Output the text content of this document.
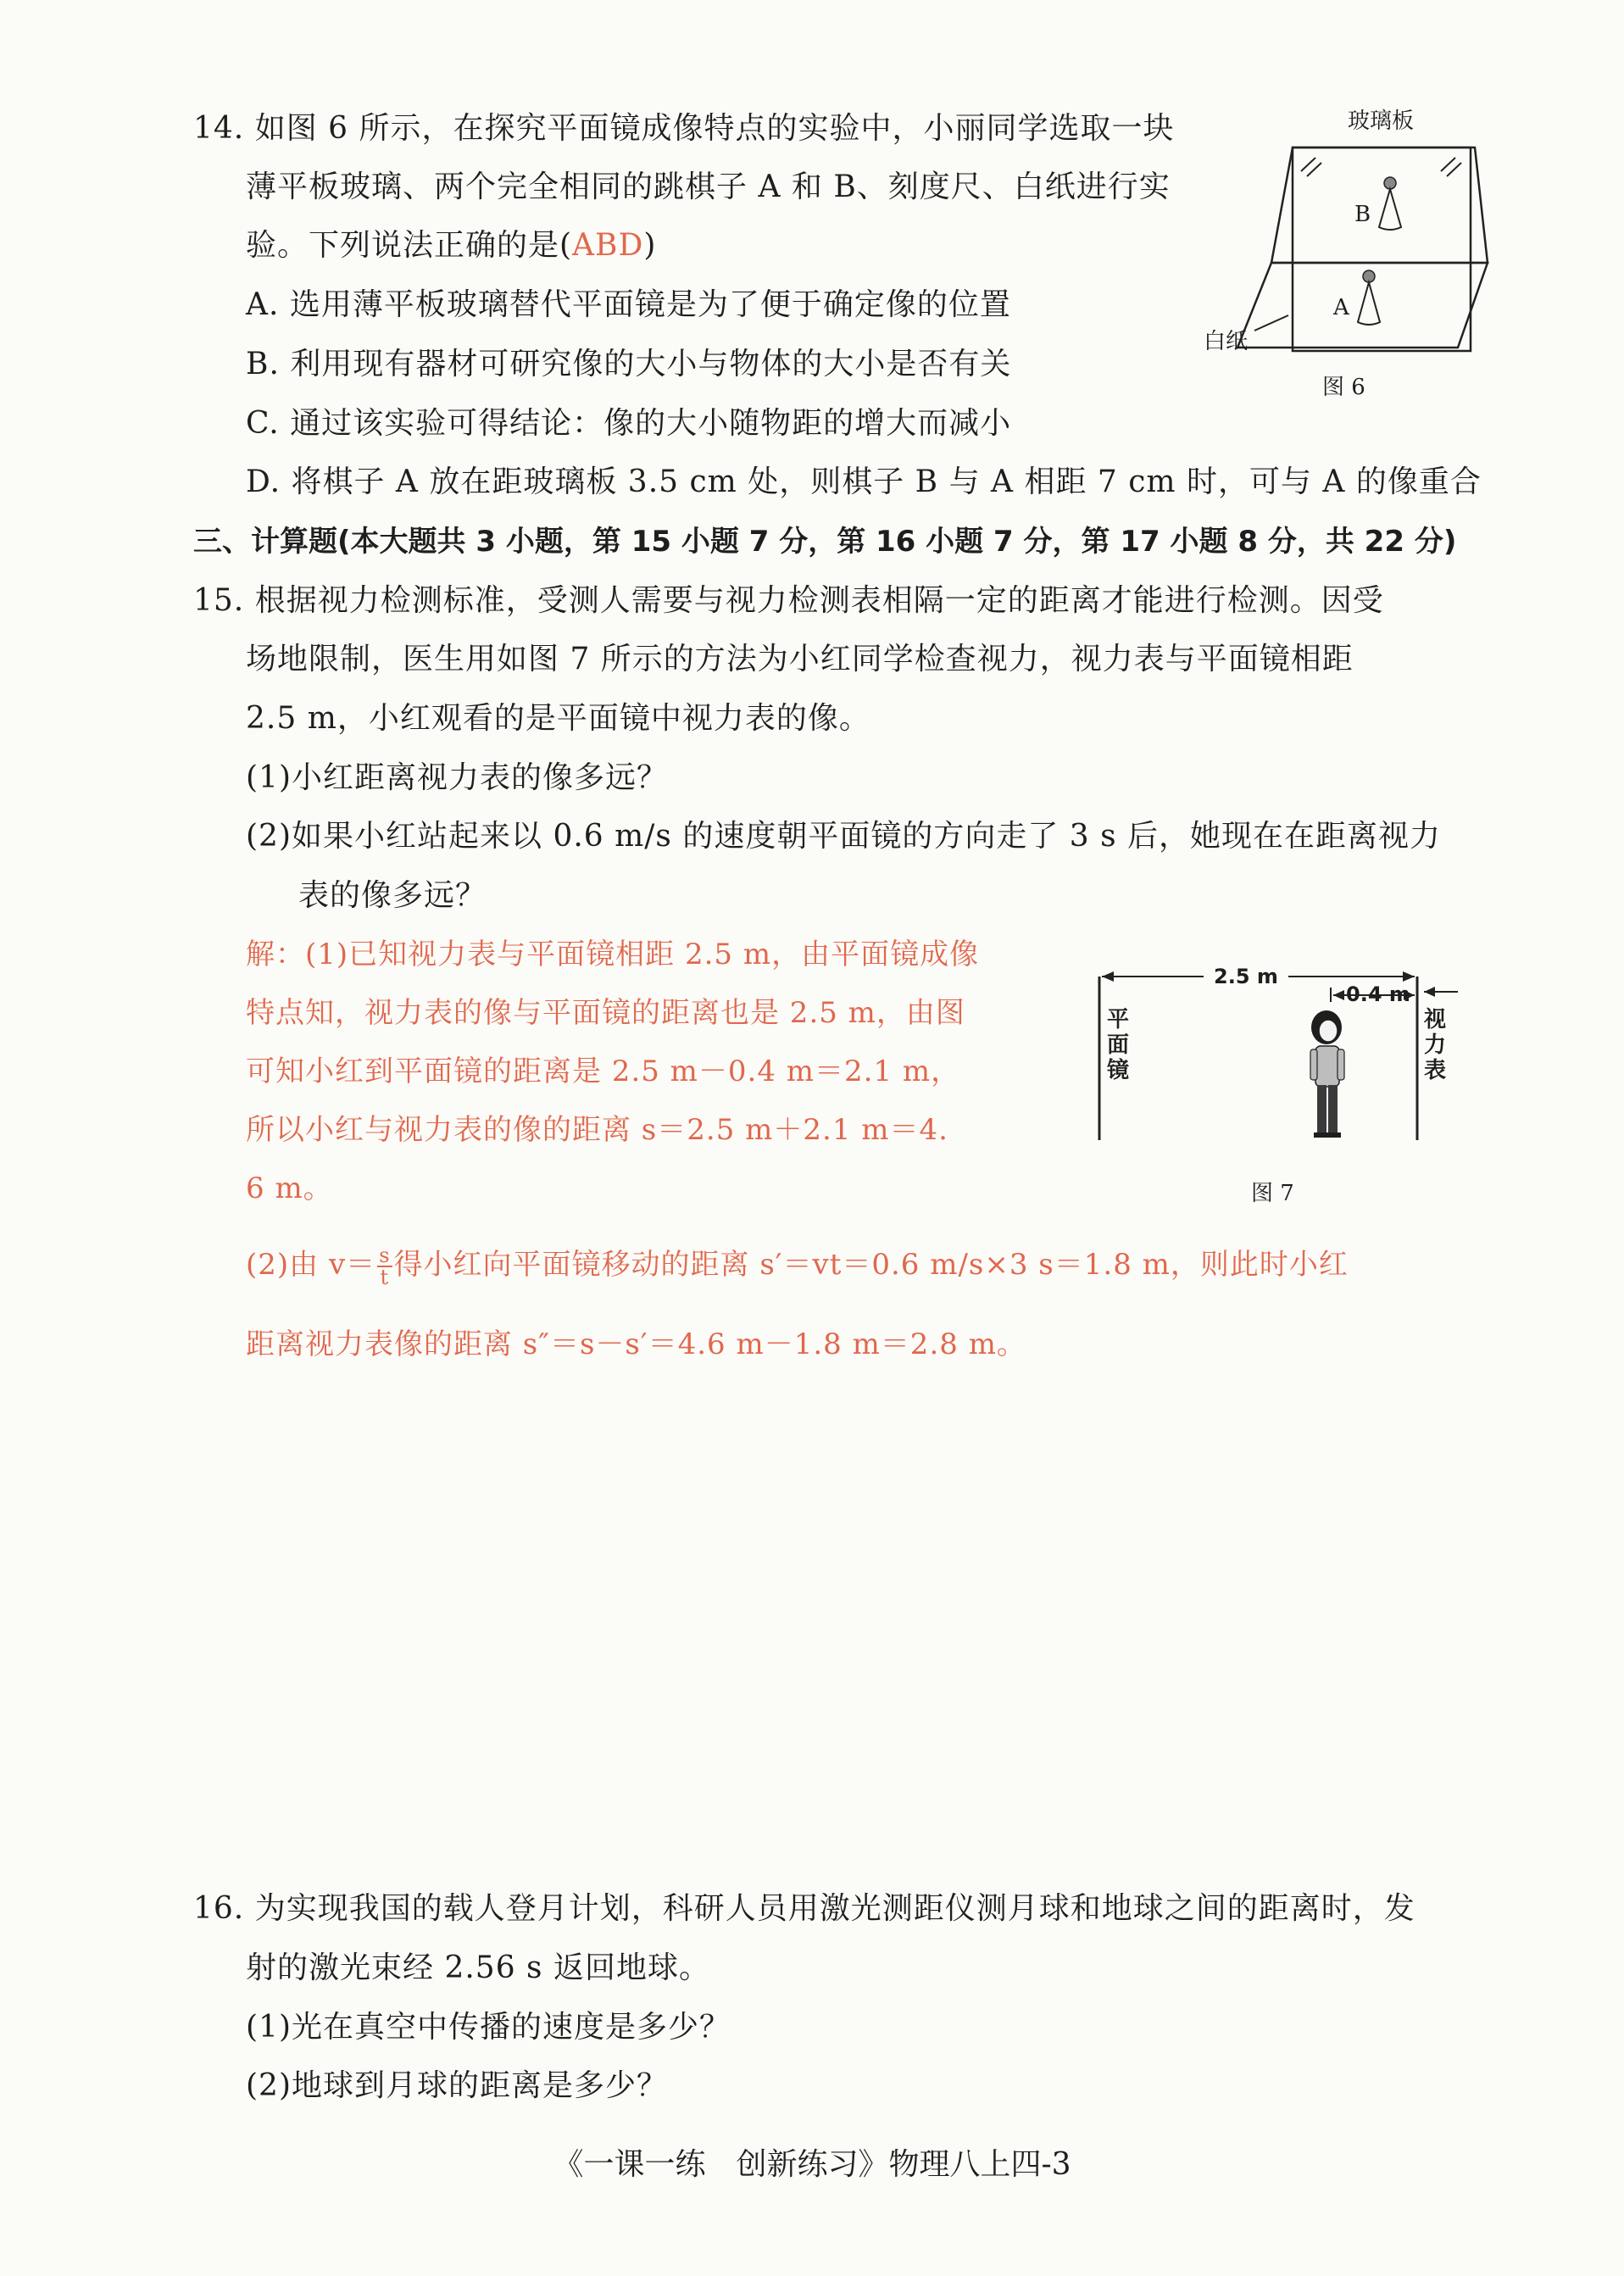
14. 如图 6 所示，在探究平面镜成像特点的实验中，小丽同学选取一块
薄平板玻璃、两个完全相同的跳棋子 A 和 B、刻度尺、白纸进行实
验。下列说法正确的是(ABD)
A. 选用薄平板玻璃替代平面镜是为了便于确定像的位置
B. 利用现有器材可研究像的大小与物体的大小是否有关
C. 通过该实验可得结论：像的大小随物距的增大而减小
D. 将棋子 A 放在距玻璃板 3.5 cm 处，则棋子 B 与 A 相距 7 cm 时，可与 A 的像重合
玻璃板
B
A
白纸
图 6
三、计算题(本大题共 3 小题，第 15 小题 7 分，第 16 小题 7 分，第 17 小题 8 分，共 22 分)
15. 根据视力检测标准，受测人需要与视力检测表相隔一定的距离才能进行检测。因受
场地限制，医生用如图 7 所示的方法为小红同学检查视力，视力表与平面镜相距
2.5 m，小红观看的是平面镜中视力表的像。
(1)小红距离视力表的像多远？
(2)如果小红站起来以 0.6 m/s 的速度朝平面镜的方向走了 3 s 后，她现在在距离视力
表的像多远？
解：(1)已知视力表与平面镜相距 2.5 m，由平面镜成像
特点知，视力表的像与平面镜的距离也是 2.5 m，由图
可知小红到平面镜的距离是 2.5 m－0.4 m＝2.1 m，
所以小红与视力表的像的距离 s＝2.5 m＋2.1 m＝4.
6 m。
(2)由 $v= \frac{s}{t}$ 得小红向平面镜移动的距离 s′＝vt＝0.6 m/s×3 s＝1.8 m，则此时小红
距离视力表像的距离 s″＝s－s′＝4.6 m－1.8 m＝2.8 m。
2.5 m
0.4 m
平
面
镜
视
力
表
图 7
16. 为实现我国的载人登月计划，科研人员用激光测距仪测月球和地球之间的距离时，发
射的激光束经 2.56 s 返回地球。
(1)光在真空中传播的速度是多少？
(2)地球到月球的距离是多少？
《一课一练　创新练习》物理八上四-3
